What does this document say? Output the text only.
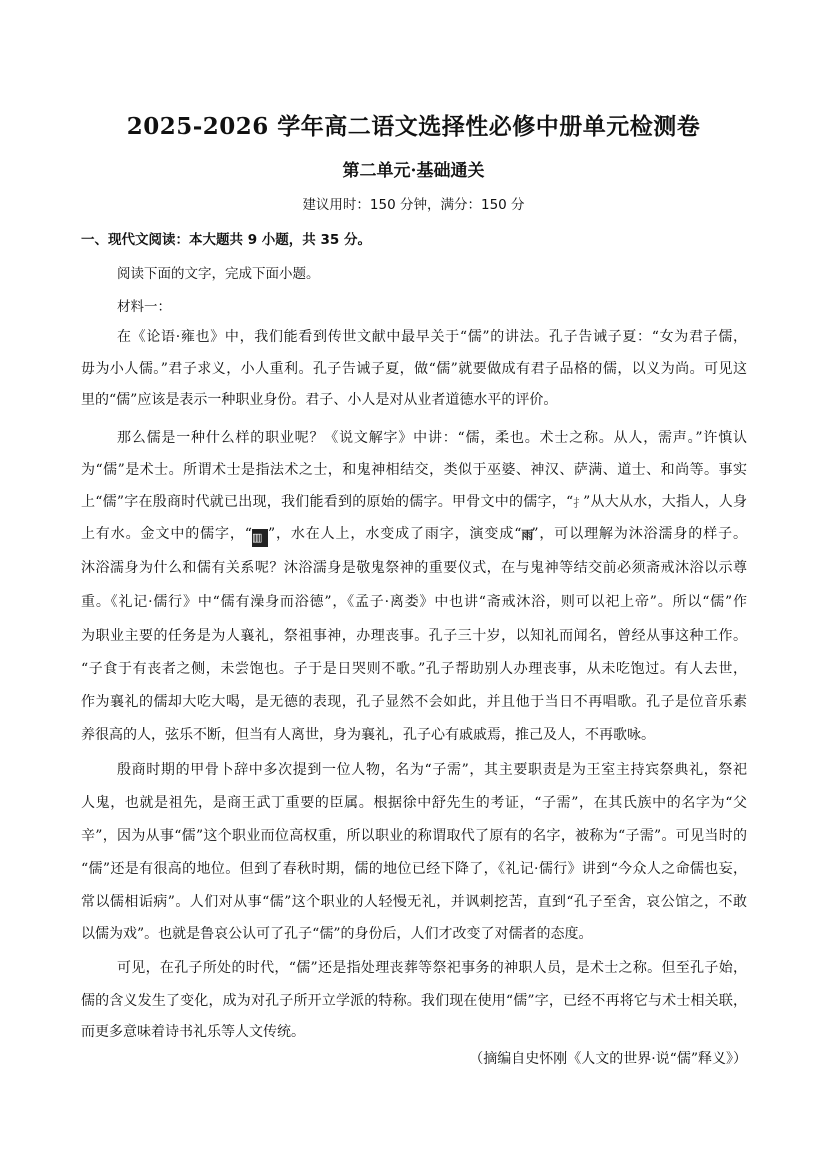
2025-2026 学年高二语文选择性必修中册单元检测卷
第二单元·基础通关
建议用时：150 分钟，满分：150 分
一、现代文阅读：本大题共 9 小题，共 35 分。
阅读下面的文字，完成下面小题。
材料一：
在《论语·雍也》中，我们能看到传世文献中最早关于“儒”的讲法。孔子告诫子夏：“女为君子儒，
毋为小人儒。”君子求义，小人重利。孔子告诫子夏，做“儒”就要做成有君子品格的儒，以义为尚。可见这
里的“儒”应该是表示一种职业身份。君子、小人是对从业者道德水平的评价。
那么儒是一种什么样的职业呢？《说文解字》中讲：“儒，柔也。术士之称。从人，需声。”许慎认
为“儒”是术士。所谓术士是指法术之士，和鬼神相结交，类似于巫婆、神汉、萨满、道士、和尚等。事实
上“儒”字在殷商时代就已出现，我们能看到的原始的儒字。甲骨文中的儒字，“⺘”从大从水，大指人，人身
上有水。金文中的儒字，“▥ ”，水在人上，水变成了雨字，演变成“雨”，可以理解为沐浴濡身的样子。
沐浴濡身为什么和儒有关系呢？沐浴濡身是敬鬼祭神的重要仪式，在与鬼神等结交前必须斋戒沐浴以示尊
重。《礼记·儒行》中“儒有澡身而浴德”，《孟子·离娄》中也讲“斋戒沐浴，则可以祀上帝”。所以“儒”作
为职业主要的任务是为人襄礼，祭祖事神，办理丧事。孔子三十岁，以知礼而闻名，曾经从事这种工作。
“子食于有丧者之侧，未尝饱也。子于是日哭则不歌。”孔子帮助别人办理丧事，从未吃饱过。有人去世，
作为襄礼的儒却大吃大喝，是无德的表现，孔子显然不会如此，并且他于当日不再唱歌。孔子是位音乐素
养很高的人，弦乐不断，但当有人离世，身为襄礼，孔子心有戚戚焉，推己及人，不再歌咏。
殷商时期的甲骨卜辞中多次提到一位人物，名为“子需”，其主要职责是为王室主持宾祭典礼，祭祀
人鬼，也就是祖先，是商王武丁重要的臣属。根据徐中舒先生的考证，“子需”，在其氏族中的名字为“父
辛”，因为从事“儒”这个职业而位高权重，所以职业的称谓取代了原有的名字，被称为“子需”。可见当时的
“儒”还是有很高的地位。但到了春秋时期，儒的地位已经下降了，《礼记·儒行》讲到“今众人之命儒也妄，
常以儒相诟病”。人们对从事“儒”这个职业的人轻慢无礼，并讽刺挖苦，直到“孔子至舍，哀公馆之，不敢
以儒为戏”。也就是鲁哀公认可了孔子“儒”的身份后，人们才改变了对儒者的态度。
可见，在孔子所处的时代，“儒”还是指处理丧葬等祭祀事务的神职人员，是术士之称。但至孔子始，
儒的含义发生了变化，成为对孔子所开立学派的特称。我们现在使用“儒”字，已经不再将它与术士相关联，
而更多意味着诗书礼乐等人文传统。
（摘编自史怀刚《人文的世界·说“儒”释义》）
